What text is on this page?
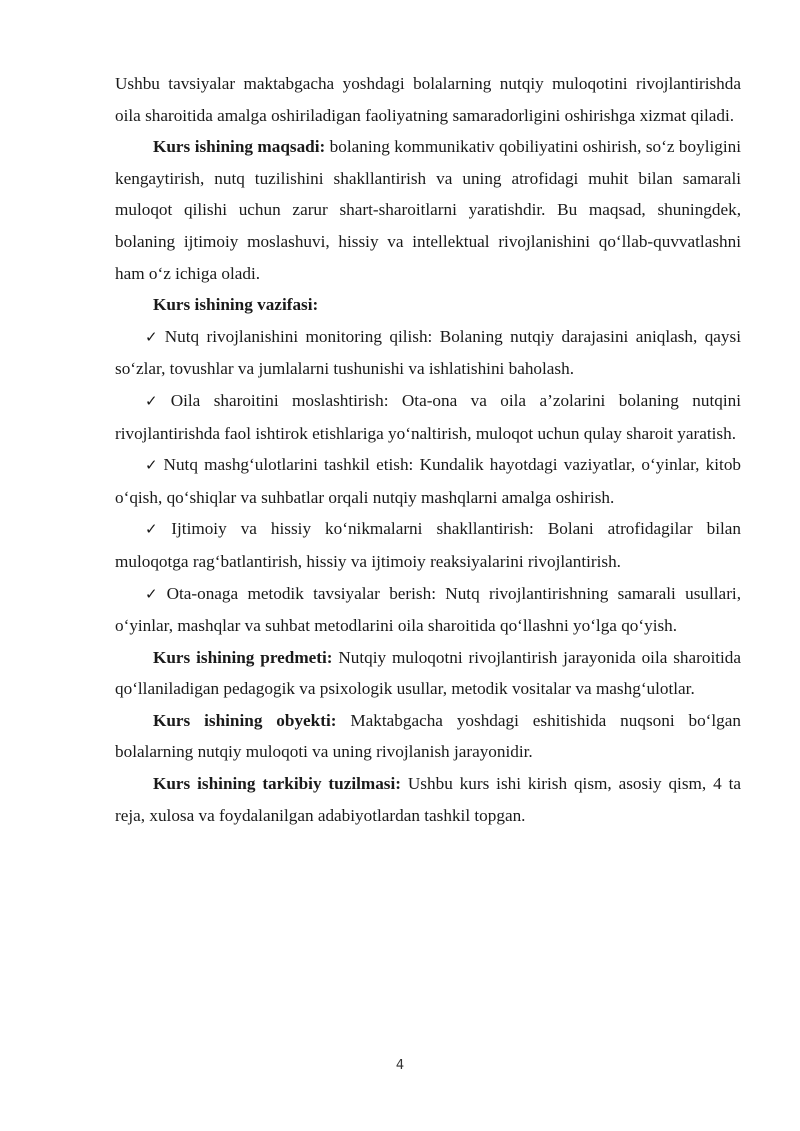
Ushbu tavsiyalar maktabgacha yoshdagi bolalarning nutqiy muloqotini rivojlantirishda oila sharoitida amalga oshiriladigan faoliyatning samaradorligini oshirishga xizmat qiladi.

Kurs ishining maqsadi: bolaning kommunikativ qobiliyatini oshirish, so‘z boyligini kengaytirish, nutq tuzilishini shakllantirish va uning atrofidagi muhit bilan samarali muloqot qilishi uchun zarur shart-sharoitlarni yaratishdir. Bu maqsad, shuningdek, bolaning ijtimoiy moslashuvi, hissiy va intellektual rivojlanishini qo‘llab-quvvatlashni ham o‘z ichiga oladi.

Kurs ishining vazifasi:

✓ Nutq rivojlanishini monitoring qilish: Bolaning nutqiy darajasini aniqlash, qaysi so‘zlar, tovushlar va jumlalarni tushunishi va ishlatishini baholash.

✓ Oila sharoitini moslashtirish: Ota-ona va oila a’zolarini bolaning nutqini rivojlantirishda faol ishtirok etishlariga yo‘naltirish, muloqot uchun qulay sharoit yaratish.

✓ Nutq mashg‘ulotlarini tashkil etish: Kundalik hayotdagi vaziyatlar, o‘yinlar, kitob o‘qish, qo‘shiqlar va suhbatlar orqali nutqiy mashqlarni amalga oshirish.

✓ Ijtimoiy va hissiy ko‘nikmalarni shakllantirish: Bolani atrofidagilar bilan muloqotga rag‘batlantirish, hissiy va ijtimoiy reaksiyalarini rivojlantirish.

✓ Ota-onaga metodik tavsiyalar berish: Nutq rivojlantirishning samarali usullari, o‘yinlar, mashqlar va suhbat metodlarini oila sharoitida qo‘llashni yo‘lga qo‘yish.

Kurs ishining predmeti: Nutqiy muloqotni rivojlantirish jarayonida oila sharoitida qo‘llaniladigan pedagogik va psixologik usullar, metodik vositalar va mashg‘ulotlar.

Kurs ishining obyekti: Maktabgacha yoshdagi eshitishida nuqsoni bo‘lgan bolalarning nutqiy muloqoti va uning rivojlanish jarayonidir.

Kurs ishining tarkibiy tuzilmasi: Ushbu kurs ishi kirish qism, asosiy qism, 4 ta reja, xulosa va foydalanilgan adabiyotlardan tashkil topgan.

4
